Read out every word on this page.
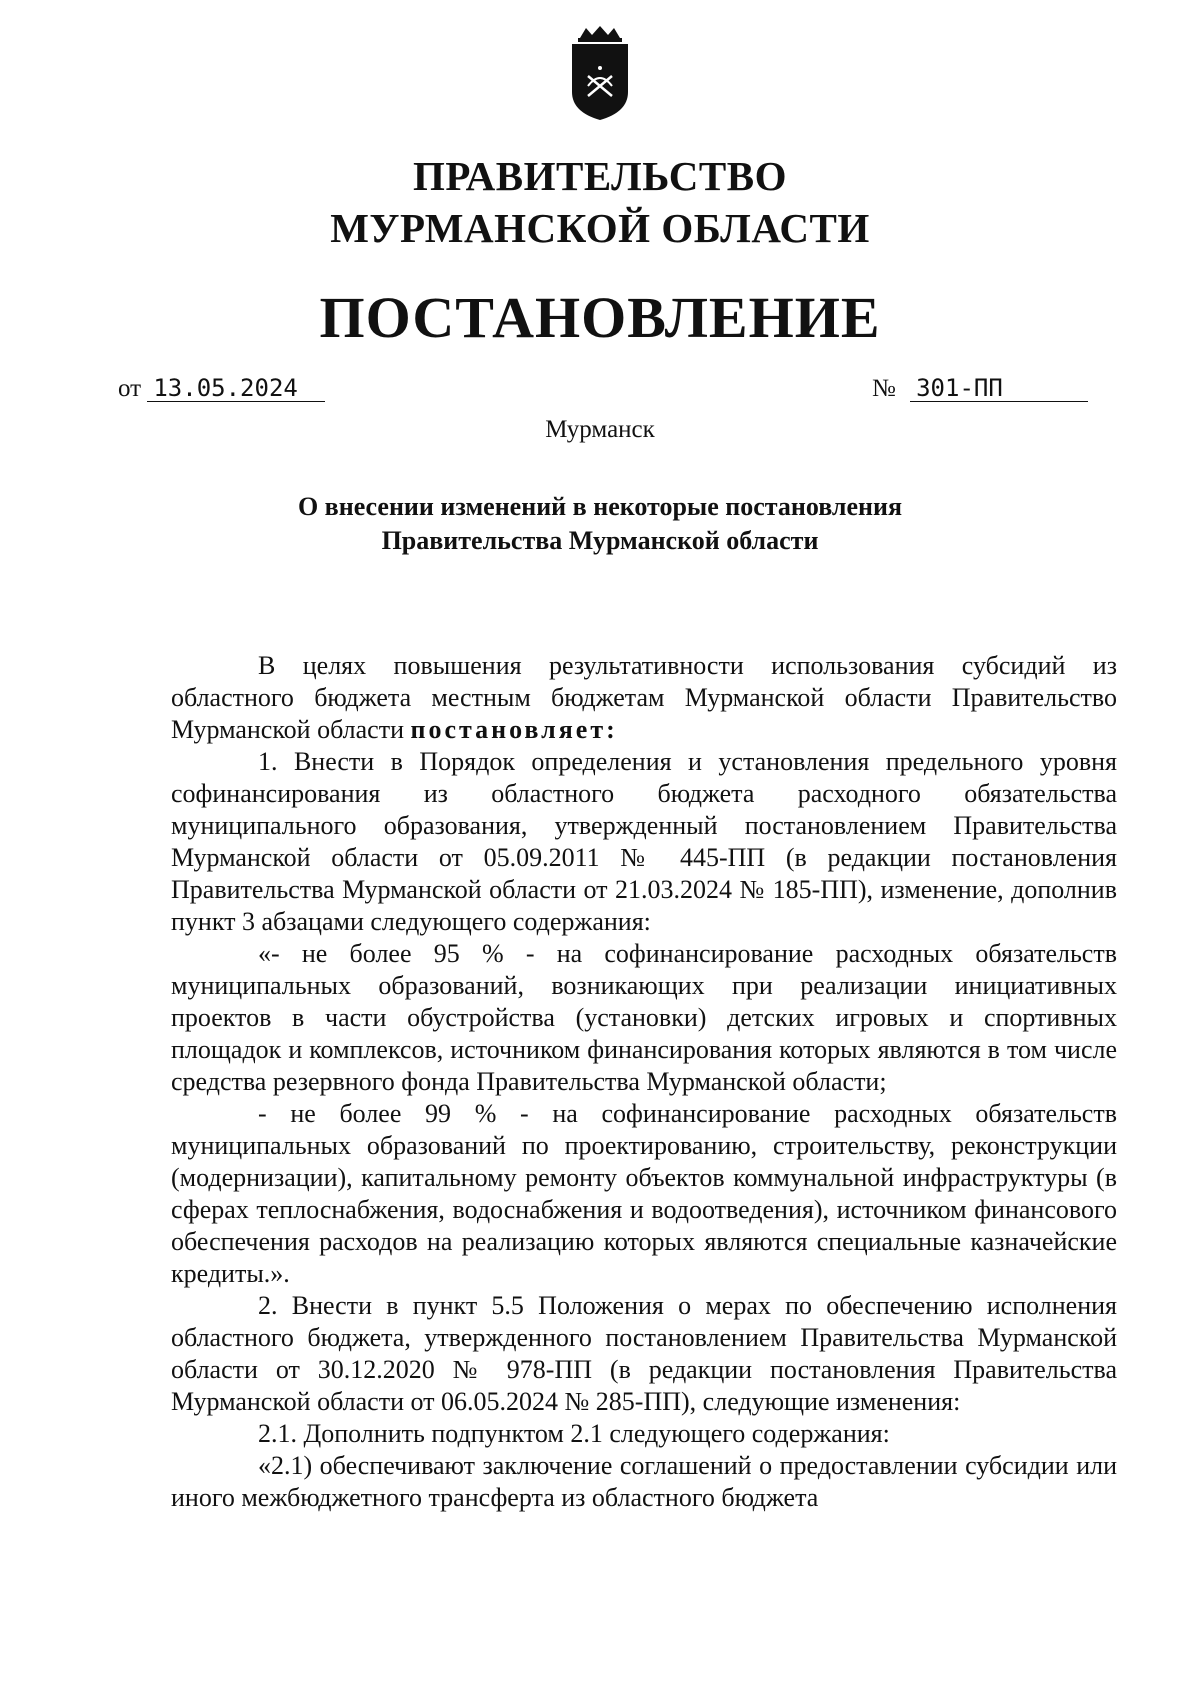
ПРАВИТЕЛЬСТВО
МУРМАНСКОЙ ОБЛАСТИ
ПОСТАНОВЛЕНИЕ
от 13.05.2024	№ 301-ПП
Мурманск
О внесении изменений в некоторые постановления
Правительства Мурманской области

В целях повышения результативности использования субсидий из областного бюджета местным бюджетам Мурманской области Правительство Мурманской области постановляет:

1. Внести в Порядок определения и установления предельного уровня софинансирования из областного бюджета расходного обязательства муниципального образования, утвержденный постановлением Правительства Мурманской области от 05.09.2011 № 445-ПП (в редакции постановления Правительства Мурманской области от 21.03.2024 № 185-ПП), изменение, дополнив пункт 3 абзацами следующего содержания:

«- не более 95 % - на софинансирование расходных обязательств муниципальных образований, возникающих при реализации инициативных проектов в части обустройства (установки) детских игровых и спортивных площадок и комплексов, источником финансирования которых являются в том числе средства резервного фонда Правительства Мурманской области;

- не более 99 % - на софинансирование расходных обязательств муниципальных образований по проектированию, строительству, реконструкции (модернизации), капитальному ремонту объектов коммунальной инфраструктуры (в сферах теплоснабжения, водоснабжения и водоотведения), источником финансового обеспечения расходов на реализацию которых являются специальные казначейские кредиты.».

2. Внести в пункт 5.5 Положения о мерах по обеспечению исполнения областного бюджета, утвержденного постановлением Правительства Мурманской области от 30.12.2020 № 978-ПП (в редакции постановления Правительства Мурманской области от 06.05.2024 № 285-ПП), следующие изменения:

2.1. Дополнить подпунктом 2.1 следующего содержания:

«2.1) обеспечивают заключение соглашений о предоставлении субсидии или иного межбюджетного трансферта из областного бюджета
